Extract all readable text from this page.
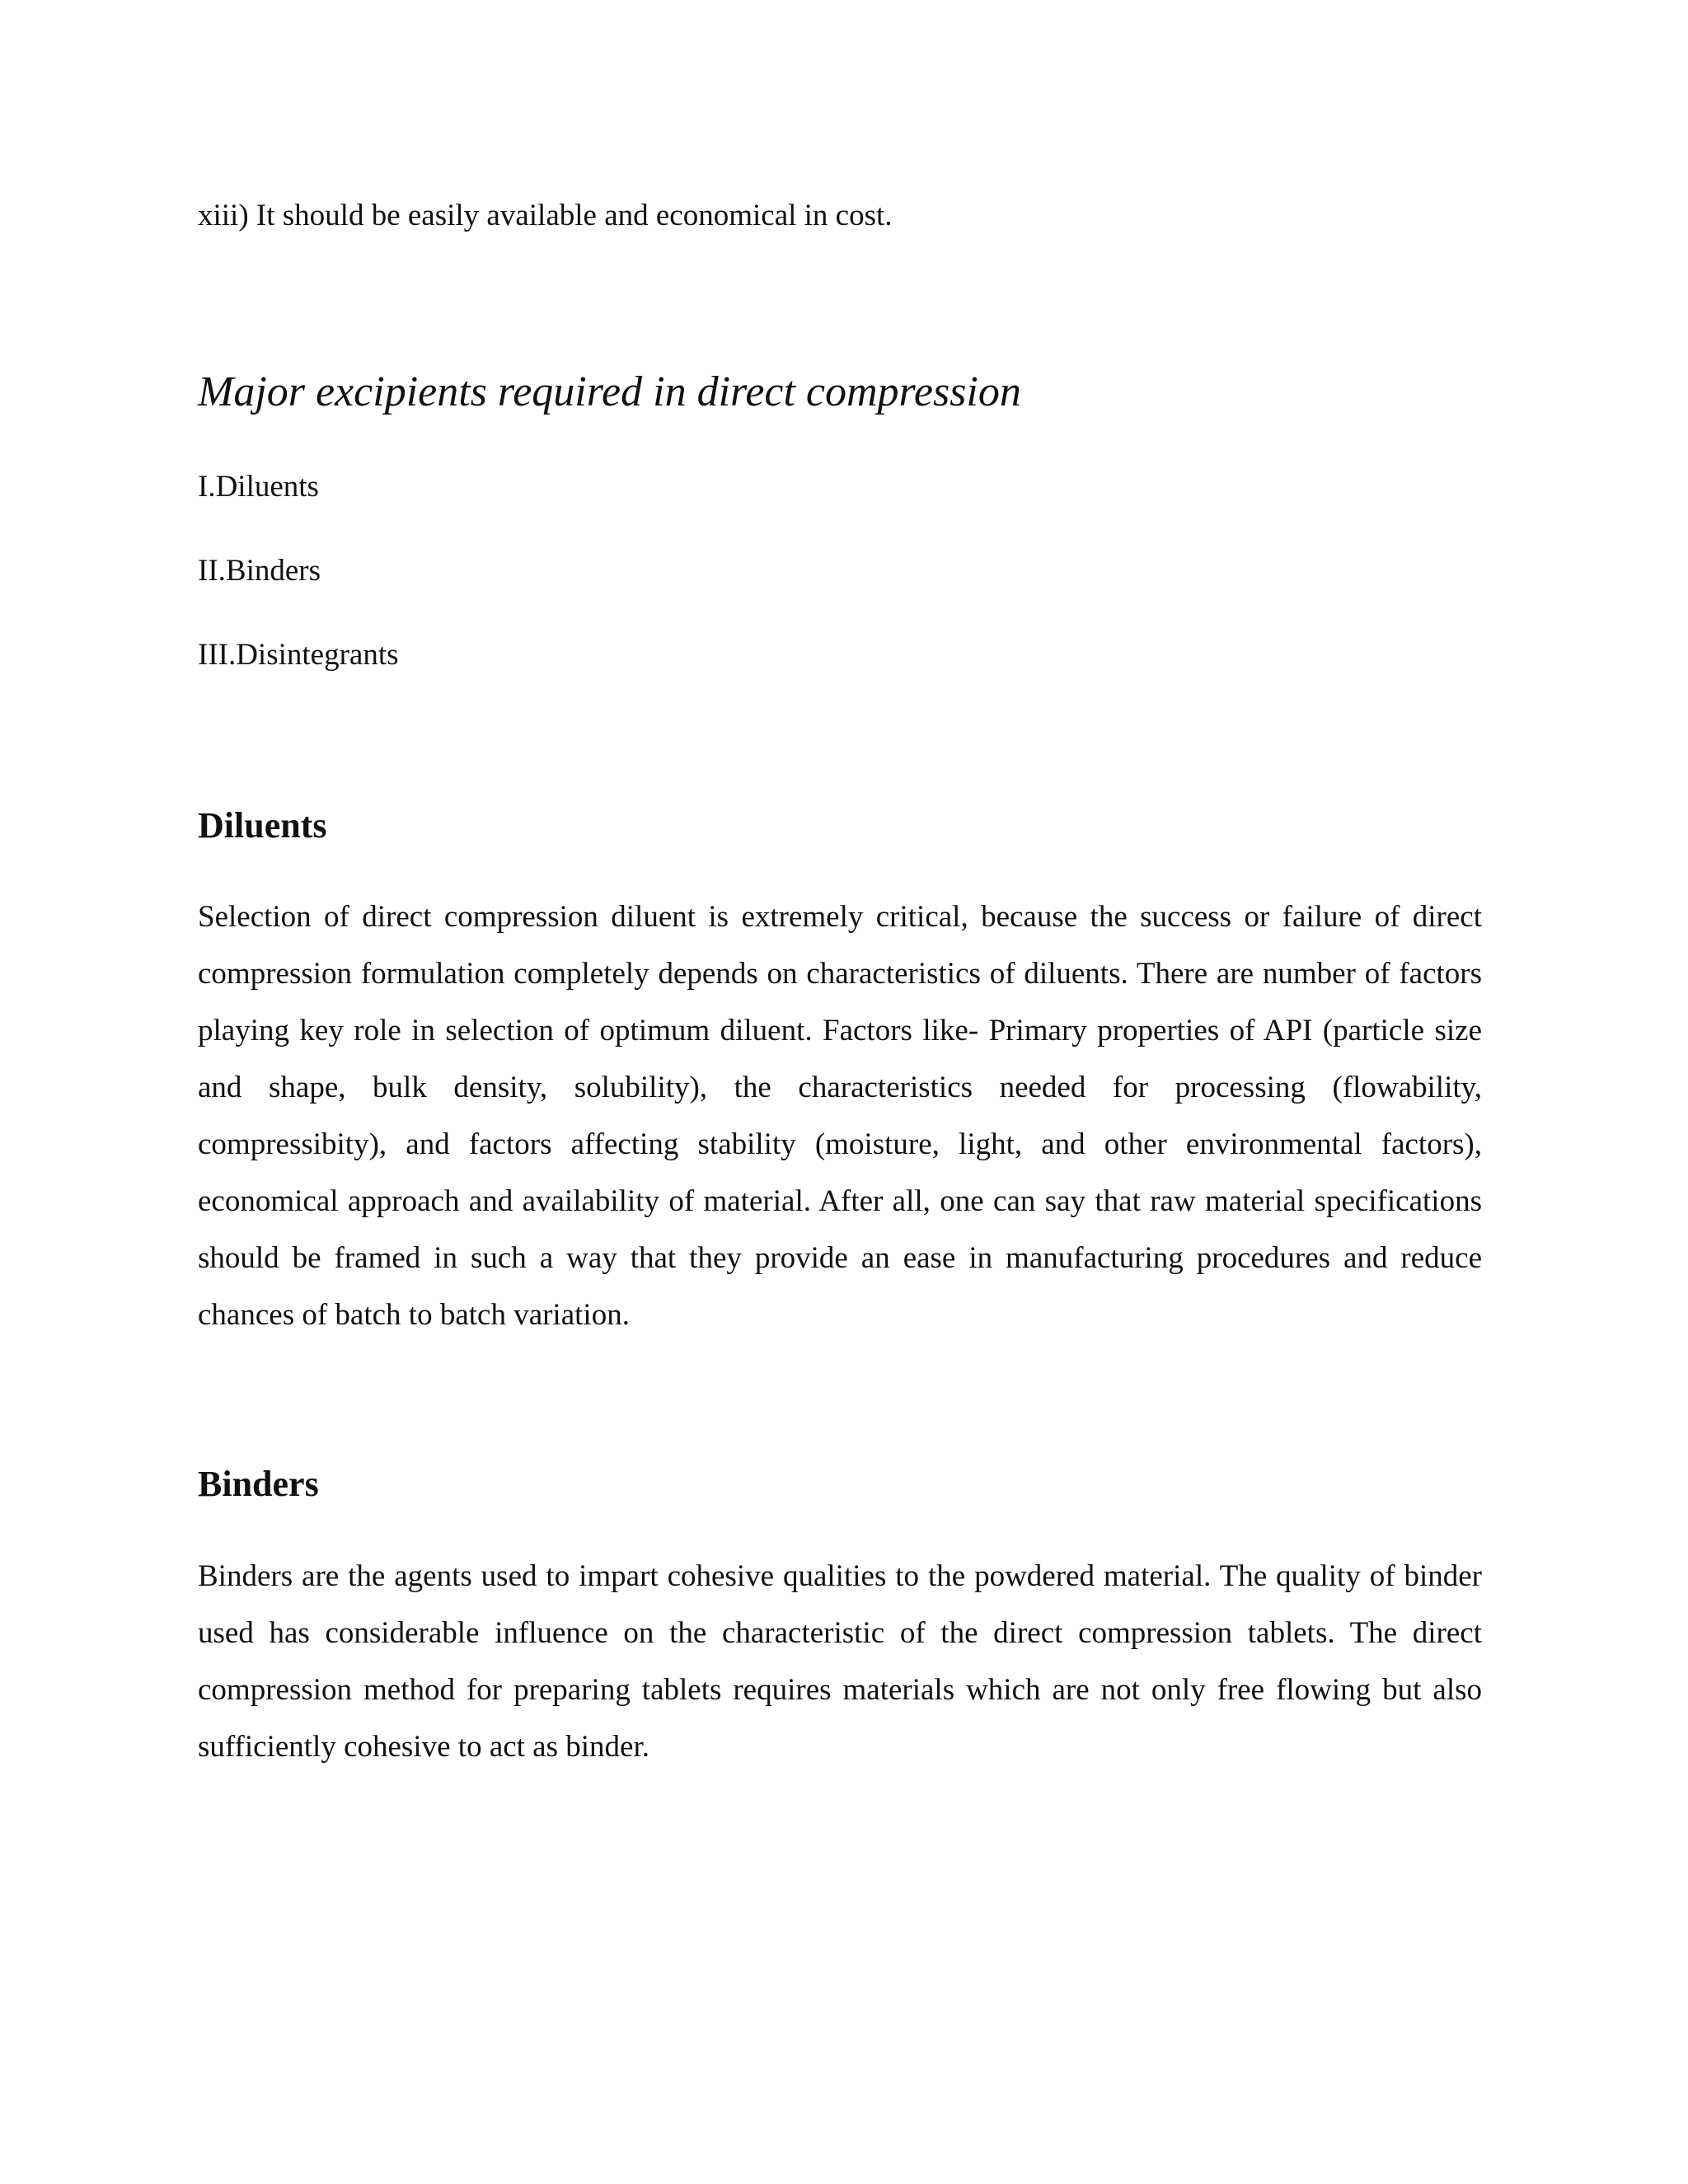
xiii) It should be easily available and economical in cost.

Major excipients required in direct compression

I.Diluents

II.Binders

III.Disintegrants

Diluents

Selection of direct compression diluent is extremely critical, because the success or failure of direct compression formulation completely depends on characteristics of diluents. There are number of factors playing key role in selection of optimum diluent. Factors like- Primary properties of API (particle size and shape, bulk density, solubility), the characteristics needed for processing (flowability, compressibity), and factors affecting stability (moisture, light, and other environmental factors), economical approach and availability of material. After all, one can say that raw material specifications should be framed in such a way that they provide an ease in manufacturing procedures and reduce chances of batch to batch variation.

Binders

Binders are the agents used to impart cohesive qualities to the powdered material. The quality of binder used has considerable influence on the characteristic of the direct compression tablets. The direct compression method for preparing tablets requires materials which are not only free flowing but also sufficiently cohesive to act as binder.
